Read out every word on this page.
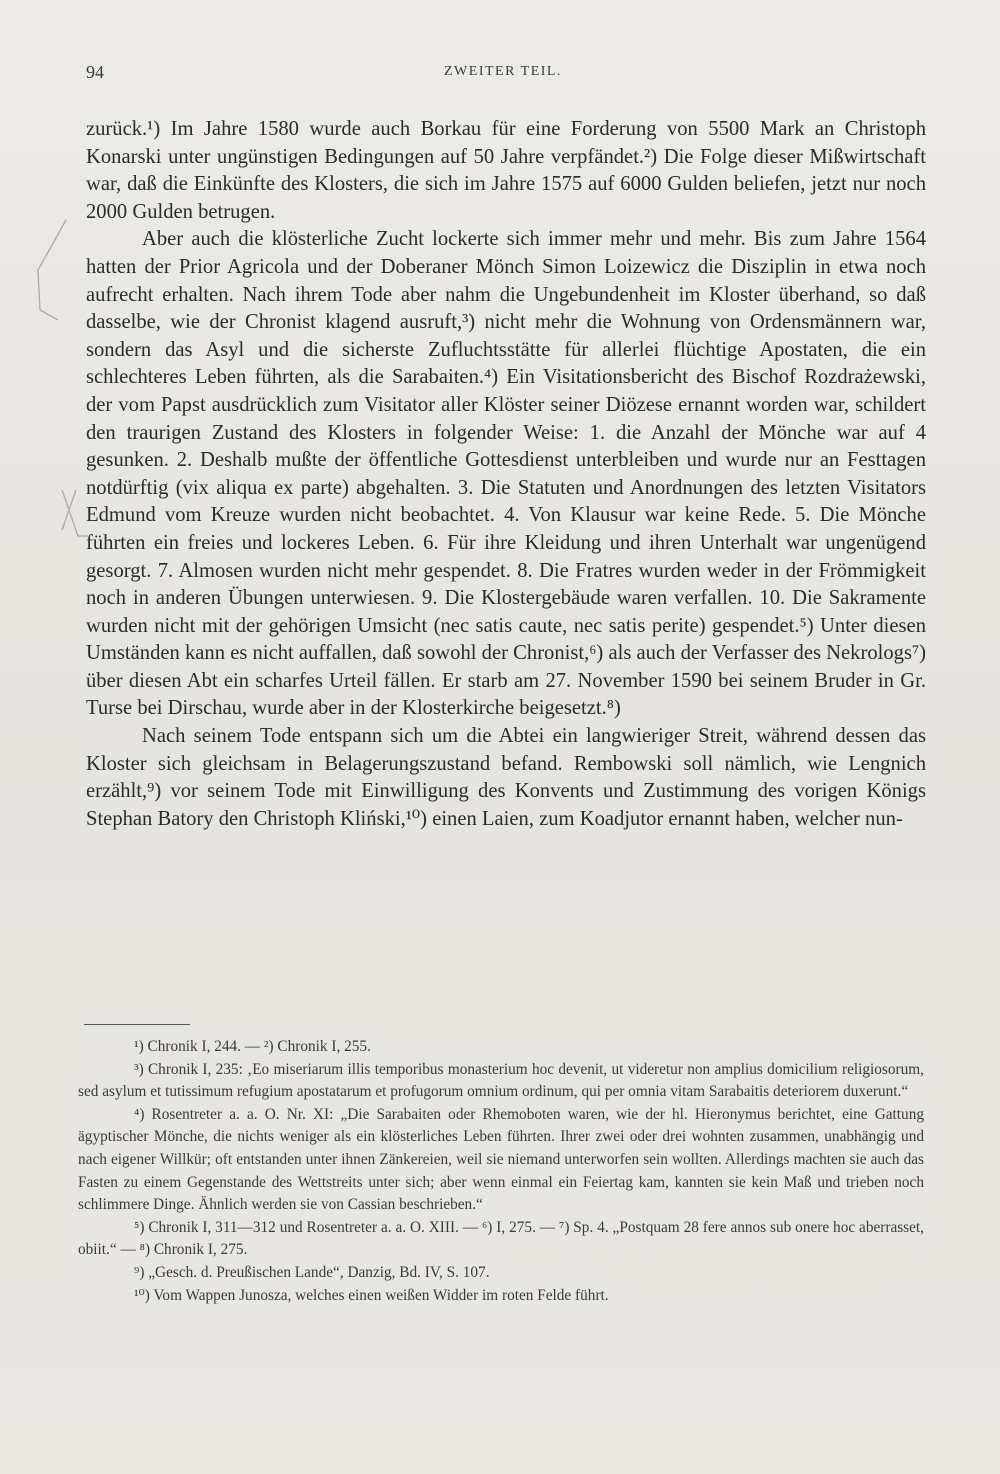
94	ZWEITER TEIL.

zurück.¹) Im Jahre 1580 wurde auch Borkau für eine Forderung von 5500 Mark an Christoph Konarski unter ungünstigen Bedingungen auf 50 Jahre verpfändet.²) Die Folge dieser Mißwirtschaft war, daß die Einkünfte des Klosters, die sich im Jahre 1575 auf 6000 Gulden beliefen, jetzt nur noch 2000 Gulden betrugen.

Aber auch die klösterliche Zucht lockerte sich immer mehr und mehr. Bis zum Jahre 1564 hatten der Prior Agricola und der Doberaner Mönch Simon Loizewicz die Disziplin in etwa noch aufrecht erhalten. Nach ihrem Tode aber nahm die Ungebundenheit im Kloster überhand, so daß dasselbe, wie der Chronist klagend ausruft,³) nicht mehr die Wohnung von Ordensmännern war, sondern das Asyl und die sicherste Zufluchtsstätte für allerlei flüchtige Apostaten, die ein schlechteres Leben führten, als die Sarabaiten.⁴) Ein Visitationsbericht des Bischof Rozdrażewski, der vom Papst ausdrücklich zum Visitator aller Klöster seiner Diözese ernannt worden war, schildert den traurigen Zustand des Klosters in folgender Weise: 1. die Anzahl der Mönche war auf 4 gesunken. 2. Deshalb mußte der öffentliche Gottesdienst unterbleiben und wurde nur an Festtagen notdürftig (vix aliqua ex parte) abgehalten. 3. Die Statuten und Anordnungen des letzten Visitators Edmund vom Kreuze wurden nicht beobachtet. 4. Von Klausur war keine Rede. 5. Die Mönche führten ein freies und lockeres Leben. 6. Für ihre Kleidung und ihren Unterhalt war ungenügend gesorgt. 7. Almosen wurden nicht mehr gespendet. 8. Die Fratres wurden weder in der Frömmigkeit noch in anderen Übungen unterwiesen. 9. Die Klostergebäude waren verfallen. 10. Die Sakramente wurden nicht mit der gehörigen Umsicht (nec satis caute, nec satis perite) gespendet.⁵) Unter diesen Umständen kann es nicht auffallen, daß sowohl der Chronist,⁶) als auch der Verfasser des Nekrologs⁷) über diesen Abt ein scharfes Urteil fällen. Er starb am 27. November 1590 bei seinem Bruder in Gr. Turse bei Dirschau, wurde aber in der Klosterkirche beigesetzt.⁸)

Nach seinem Tode entspann sich um die Abtei ein langwieriger Streit, während dessen das Kloster sich gleichsam in Belagerungszustand befand. Rembowski soll nämlich, wie Lengnich erzählt,⁹) vor seinem Tode mit Einwilligung des Konvents und Zustimmung des vorigen Königs Stephan Batory den Christoph Kliński,¹⁰) einen Laien, zum Koadjutor ernannt haben, welcher nun-

¹) Chronik I, 244. — ²) Chronik I, 255.

³) Chronik I, 235: ‚Eo miseriarum illis temporibus monasterium hoc devenit, ut videretur non amplius domicilium religiosorum, sed asylum et tutissimum refugium apostatarum et profugorum omnium ordinum, qui per omnia vitam Sarabaitis deteriorem duxerunt.“

⁴) Rosentreter a. a. O. Nr. XI: „Die Sarabaiten oder Rhemoboten waren, wie der hl. Hieronymus berichtet, eine Gattung ägyptischer Mönche, die nichts weniger als ein klösterliches Leben führten. Ihrer zwei oder drei wohnten zusammen, unabhängig und nach eigener Willkür; oft entstanden unter ihnen Zänkereien, weil sie niemand unterworfen sein wollten. Allerdings machten sie auch das Fasten zu einem Gegenstande des Wettstreits unter sich; aber wenn einmal ein Feiertag kam, kannten sie kein Maß und trieben noch schlimmere Dinge. Ähnlich werden sie von Cassian beschrieben.“

⁵) Chronik I, 311—312 und Rosentreter a. a. O. XIII. — ⁶) I, 275. — ⁷) Sp. 4. „Postquam 28 fere annos sub onere hoc aberrasset, obiit.“ — ⁸) Chronik I, 275.

⁹) „Gesch. d. Preußischen Lande“, Danzig, Bd. IV, S. 107.

¹⁰) Vom Wappen Junosza, welches einen weißen Widder im roten Felde führt.
